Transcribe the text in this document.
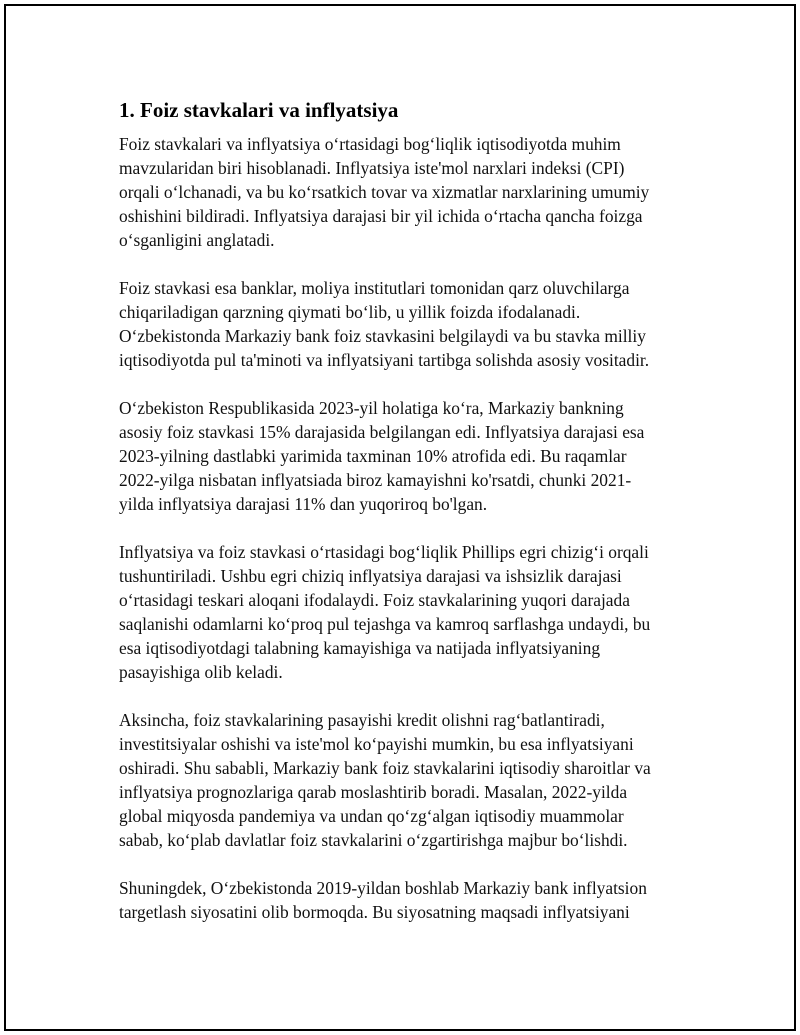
1. Foiz stavkalari va inflyatsiya

Foiz stavkalari va inflyatsiya o‘rtasidagi bog‘liqlik iqtisodiyotda muhim
mavzularidan biri hisoblanadi. Inflyatsiya iste'mol narxlari indeksi (CPI)
orqali o‘lchanadi, va bu ko‘rsatkich tovar va xizmatlar narxlarining umumiy
oshishini bildiradi. Inflyatsiya darajasi bir yil ichida o‘rtacha qancha foizga
o‘sganligini anglatadi.

Foiz stavkasi esa banklar, moliya institutlari tomonidan qarz oluvchilarga
chiqariladigan qarzning qiymati bo‘lib, u yillik foizda ifodalanadi.
O‘zbekistonda Markaziy bank foiz stavkasini belgilaydi va bu stavka milliy
iqtisodiyotda pul ta'minoti va inflyatsiyani tartibga solishda asosiy vositadir.

O‘zbekiston Respublikasida 2023-yil holatiga ko‘ra, Markaziy bankning
asosiy foiz stavkasi 15% darajasida belgilangan edi. Inflyatsiya darajasi esa
2023-yilning dastlabki yarimida taxminan 10% atrofida edi. Bu raqamlar
2022-yilga nisbatan inflyatsiada biroz kamayishni ko'rsatdi, chunki 2021-
yilda inflyatsiya darajasi 11% dan yuqoriroq bo'lgan.

Inflyatsiya va foiz stavkasi o‘rtasidagi bog‘liqlik Phillips egri chizig‘i orqali
tushuntiriladi. Ushbu egri chiziq inflyatsiya darajasi va ishsizlik darajasi
o‘rtasidagi teskari aloqani ifodalaydi. Foiz stavkalarining yuqori darajada
saqlanishi odamlarni ko‘proq pul tejashga va kamroq sarflashga undaydi, bu
esa iqtisodiyotdagi talabning kamayishiga va natijada inflyatsiyaning
pasayishiga olib keladi.

Aksincha, foiz stavkalarining pasayishi kredit olishni rag‘batlantiradi,
investitsiyalar oshishi va iste'mol ko‘payishi mumkin, bu esa inflyatsiyani
oshiradi. Shu sababli, Markaziy bank foiz stavkalarini iqtisodiy sharoitlar va
inflyatsiya prognozlariga qarab moslashtirib boradi. Masalan, 2022-yilda
global miqyosda pandemiya va undan qo‘zg‘algan iqtisodiy muammolar
sabab, ko‘plab davlatlar foiz stavkalarini o‘zgartirishga majbur bo‘lishdi.

Shuningdek, O‘zbekistonda 2019-yildan boshlab Markaziy bank inflyatsion
targetlash siyosatini olib bormoqda. Bu siyosatning maqsadi inflyatsiyani
